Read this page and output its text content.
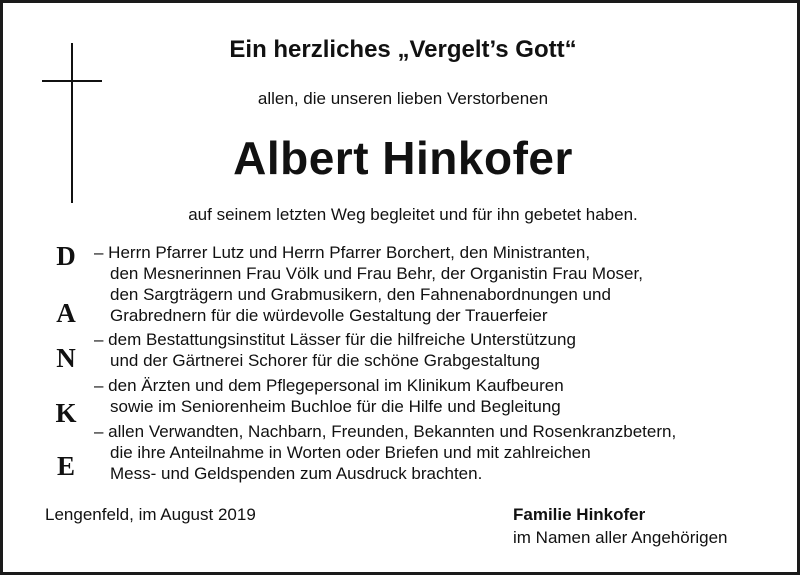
Ein herzliches „Vergelt’s Gott“
allen, die unseren lieben Verstorbenen
Albert Hinkofer
auf seinem letzten Weg begleitet und für ihn gebetet haben.
D
A
N
K
E
– Herrn Pfarrer Lutz und Herrn Pfarrer Borchert, den Ministranten,
den Mesnerinnen Frau Völk und Frau Behr, der Organistin Frau Moser,
den Sargträgern und Grabmusikern, den Fahnenabordnungen und
Grabrednern für die würdevolle Gestaltung der Trauerfeier
– dem Bestattungsinstitut Lässer für die hilfreiche Unterstützung
und der Gärtnerei Schorer für die schöne Grabgestaltung
– den Ärzten und dem Pflegepersonal im Klinikum Kaufbeuren
sowie im Seniorenheim Buchloe für die Hilfe und Begleitung
– allen Verwandten, Nachbarn, Freunden, Bekannten und Rosenkranzbetern,
die ihre Anteilnahme in Worten oder Briefen und mit zahlreichen
Mess- und Geldspenden zum Ausdruck brachten.
Lengenfeld, im August 2019	Familie Hinkofer
im Namen aller Angehörigen
